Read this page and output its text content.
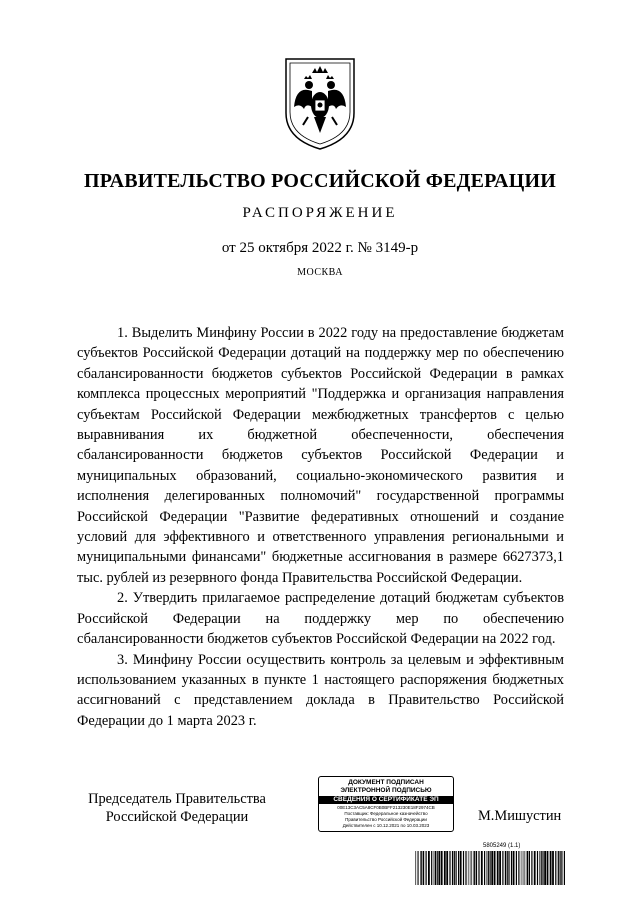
ПРАВИТЕЛЬСТВО РОССИЙСКОЙ ФЕДЕРАЦИИ
РАСПОРЯЖЕНИЕ
от 25 октября 2022 г. № 3149-р
МОСКВА

1. Выделить Минфину России в 2022 году на предоставление бюджетам субъектов Российской Федерации дотаций на поддержку мер по обеспечению сбалансированности бюджетов субъектов Российской Федерации в рамках комплекса процессных мероприятий "Поддержка и организация направления субъектам Российской Федерации межбюджетных трансфертов с целью выравнивания их бюджетной обеспеченности, обеспечения сбалансированности бюджетов субъектов Российской Федерации и муниципальных образований, социально-экономического развития и исполнения делегированных полномочий" государственной программы Российской Федерации "Развитие федеративных отношений и создание условий для эффективного и ответственного управления региональными и муниципальными финансами" бюджетные ассигнования в размере 6627373,1 тыс. рублей из резервного фонда Правительства Российской Федерации.

2. Утвердить прилагаемое распределение дотаций бюджетам субъектов Российской Федерации на поддержку мер по обеспечению сбалансированности бюджетов субъектов Российской Федерации на 2022 год.

3. Минфину России осуществить контроль за целевым и эффективным использованием указанных в пункте 1 настоящего распоряжения бюджетных ассигнований с представлением доклада в Правительство Российской Федерации до 1 марта 2023 г.

Председатель Правительства
Российской Федерации
ДОКУМЕНТ ПОДПИСАН
ЭЛЕКТРОННОЙ ПОДПИСЬЮ
СВЕДЕНИЯ О СЕРТИФИКАТЕ ЭП
00E13C3AC5A8CF0B0BFF213230E18F2974CB
Поставщик: Федеральное казначейство
Правительство Российской Федерации
Действителен с 10.12.2021 по 10.03.2023
М.Мишустин
5805249 (1.1)
